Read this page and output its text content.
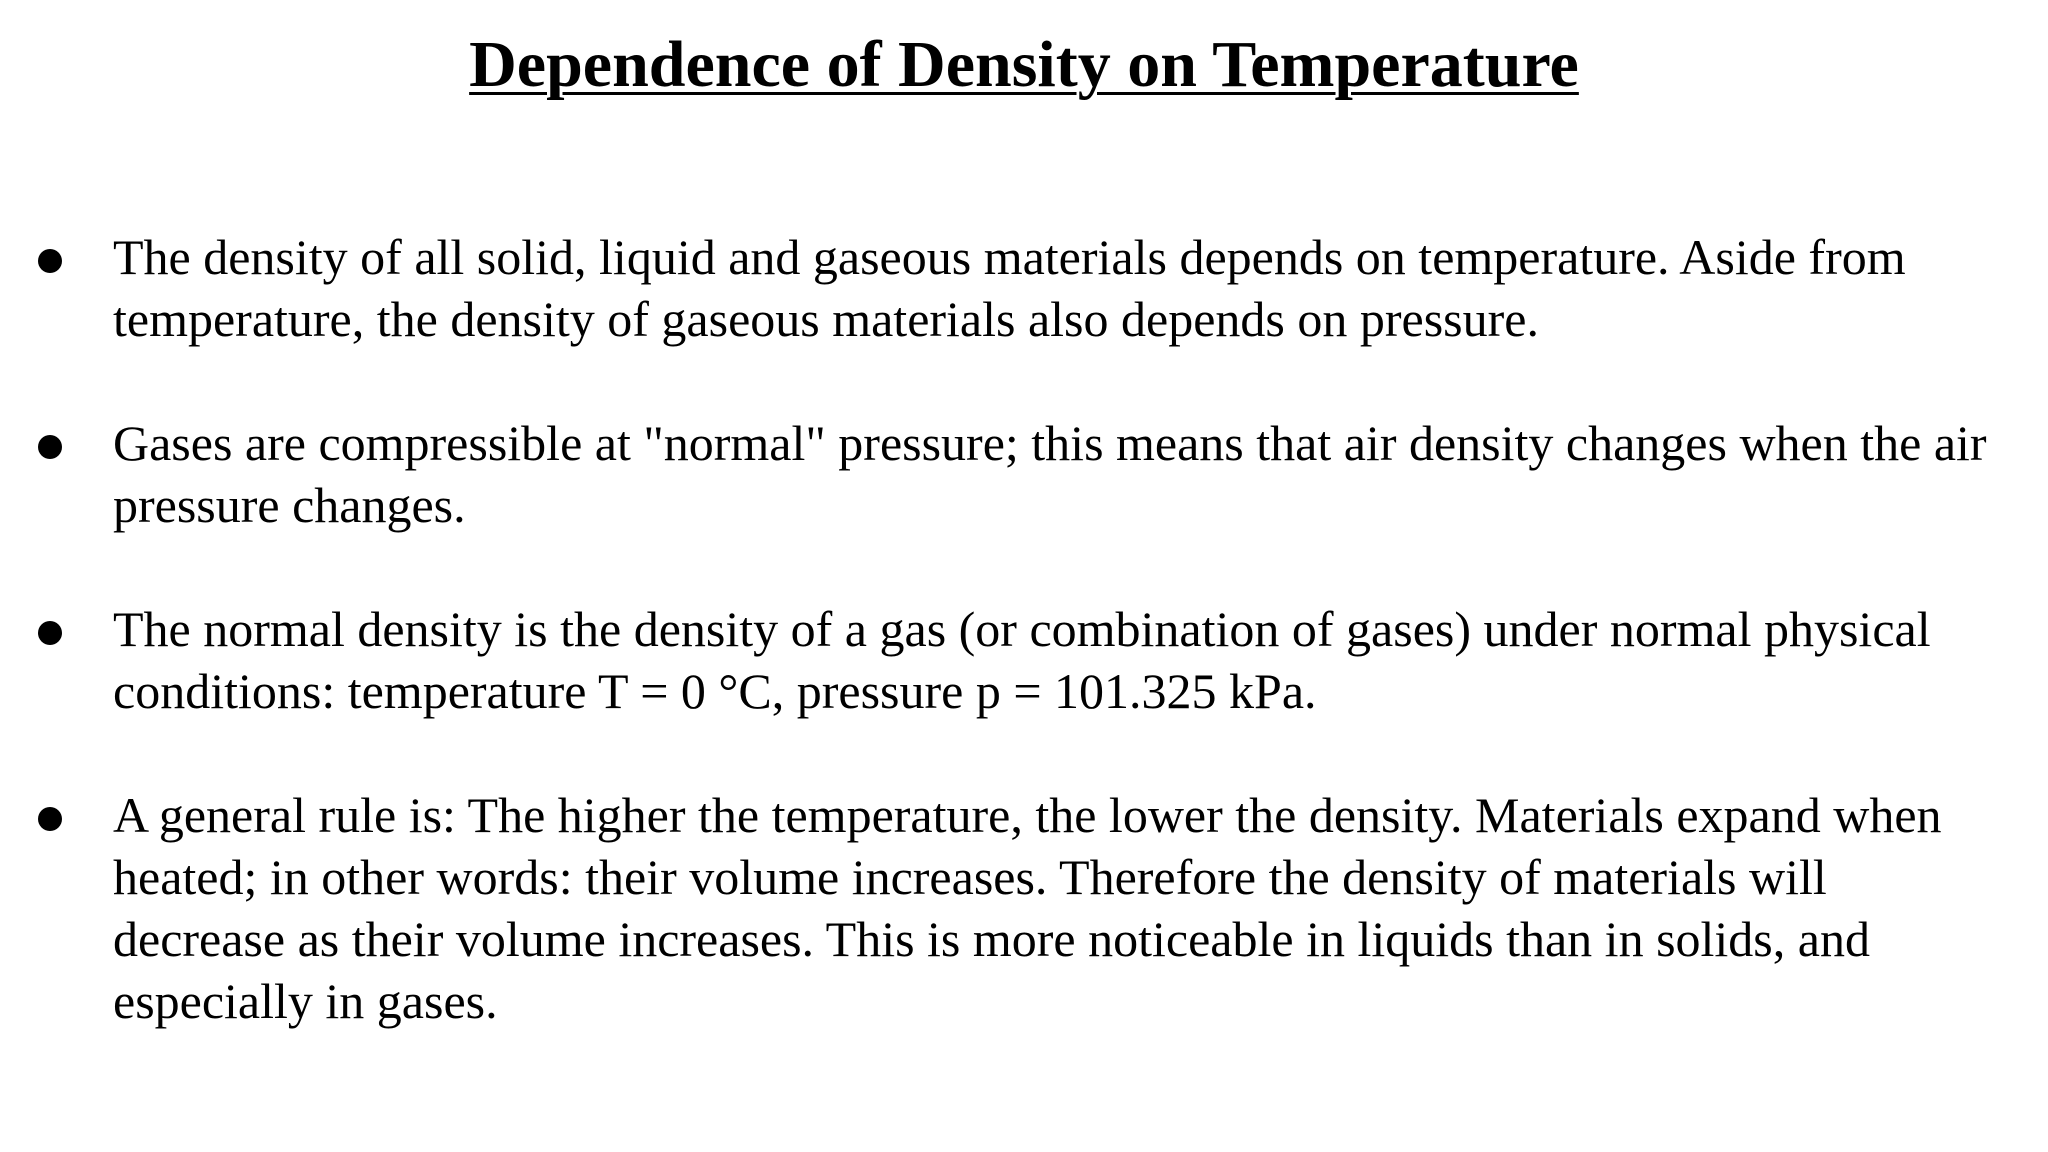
Dependence of Density on Temperature
The density of all solid, liquid and gaseous materials depends on temperature. Aside from temperature, the density of gaseous materials also depends on pressure.
Gases are compressible at "normal" pressure; this means that air density changes when the air pressure changes.
The normal density is the density of a gas (or combination of gases) under normal physical conditions: temperature T = 0 °C, pressure p = 101.325 kPa.
A general rule is: The higher the temperature, the lower the density. Materials expand when heated; in other words: their volume increases. Therefore the density of materials will decrease as their volume increases. This is more noticeable in liquids than in solids, and especially in gases.
